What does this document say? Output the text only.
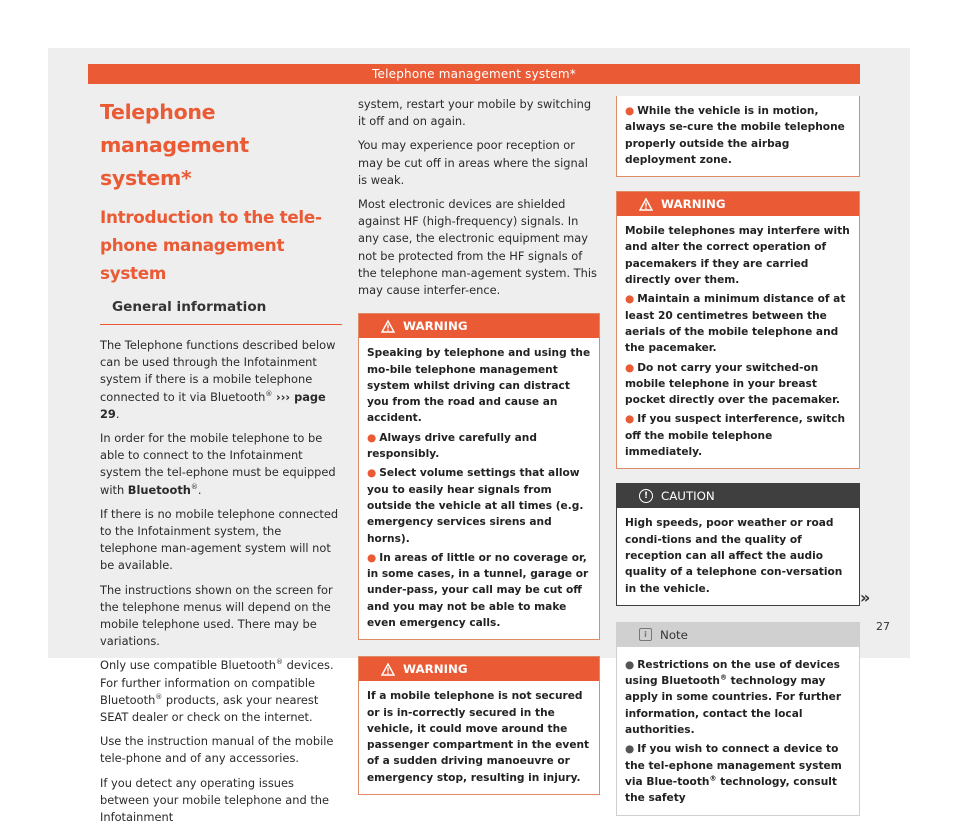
Telephone management system*
Telephone management
system*
Introduction to the tele-
phone management system
General information
The Telephone functions described below can be used through the Infotainment system if there is a mobile telephone connected to it via Bluetooth® ››› page 29.
In order for the mobile telephone to be able to connect to the Infotainment system the tel-ephone must be equipped with Bluetooth®.
If there is no mobile telephone connected to the Infotainment system, the telephone man-agement system will not be available.
The instructions shown on the screen for the telephone menus will depend on the mobile telephone used. There may be variations.
Only use compatible Bluetooth® devices. For further information on compatible Bluetooth® products, ask your nearest SEAT dealer or check on the internet.
Use the instruction manual of the mobile tele-phone and of any accessories.
If you detect any operating issues between your mobile telephone and the Infotainment
system, restart your mobile by switching it off and on again.
You may experience poor reception or may be cut off in areas where the signal is weak.
Most electronic devices are shielded against HF (high-frequency) signals. In any case, the electronic equipment may not be protected from the HF signals of the telephone man-agement system. This may cause interfer-ence.
WARNING
Speaking by telephone and using the mo-bile telephone management system whilst driving can distract you from the road and cause an accident.
● Always drive carefully and responsibly.
● Select volume settings that allow you to easily hear signals from outside the vehicle at all times (e.g. emergency services sirens and horns).
● In areas of little or no coverage or, in some cases, in a tunnel, garage or under-pass, your call may be cut off and you may not be able to make even emergency calls.
WARNING
If a mobile telephone is not secured or is in-correctly secured in the vehicle, it could move around the passenger compartment in the event of a sudden driving manoeuvre or emergency stop, resulting in injury.
● While the vehicle is in motion, always se-cure the mobile telephone properly outside the airbag deployment zone.
WARNING
Mobile telephones may interfere with and alter the correct operation of pacemakers if they are carried directly over them.
● Maintain a minimum distance of at least 20 centimetres between the aerials of the mobile telephone and the pacemaker.
● Do not carry your switched-on mobile telephone in your breast pocket directly over the pacemaker.
● If you suspect interference, switch off the mobile telephone immediately.
!	CAUTION
High speeds, poor weather or road condi-tions and the quality of reception can all affect the audio quality of a telephone con-versation in the vehicle.
i	Note
● Restrictions on the use of devices using Bluetooth® technology may apply in some countries. For further information, contact the local authorities.
● If you wish to connect a device to the tel-ephone management system via Blue-tooth® technology, consult the safety
»
27
